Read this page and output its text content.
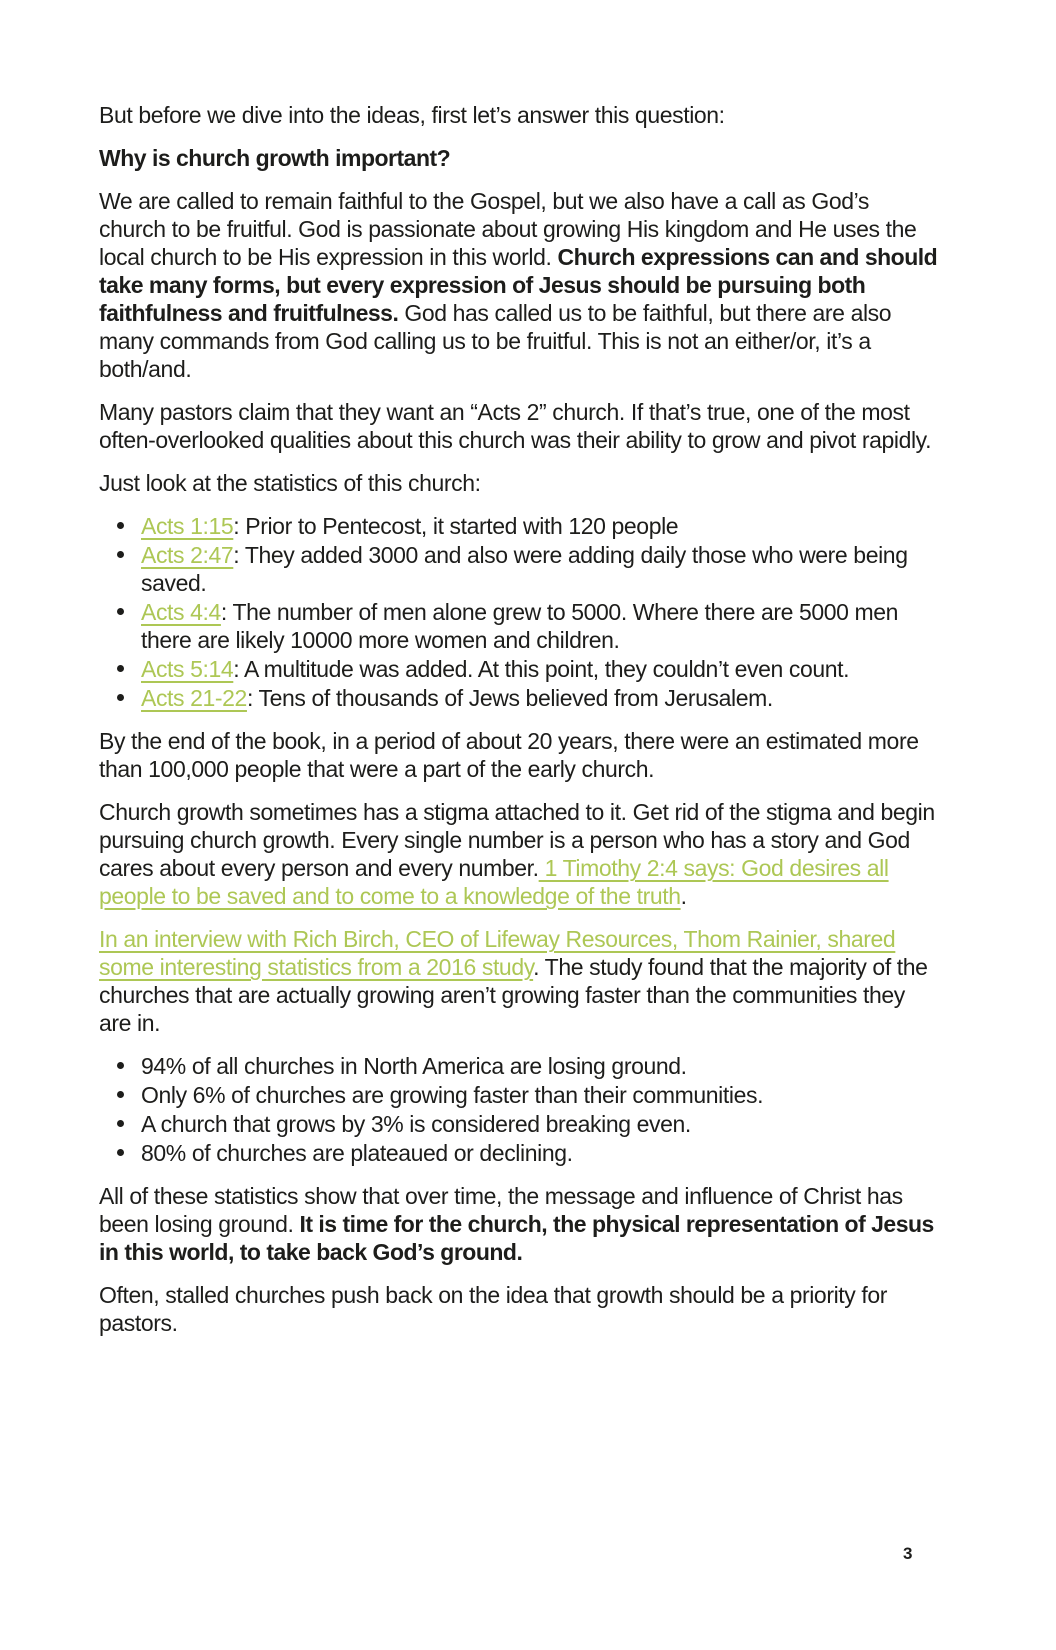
But before we dive into the ideas, first let’s answer this question:

Why is church growth important?

We are called to remain faithful to the Gospel, but we also have a call as God’s church to be fruitful. God is passionate about growing His kingdom and He uses the local church to be His expression in this world. Church expressions can and should take many forms, but every expression of Jesus should be pursuing both faithfulness and fruitfulness. God has called us to be faithful, but there are also many commands from God calling us to be fruitful. This is not an either/or, it’s a both/and.

Many pastors claim that they want an “Acts 2” church. If that’s true, one of the most often-overlooked qualities about this church was their ability to grow and pivot rapidly.

Just look at the statistics of this church:

Acts 1:15: Prior to Pentecost, it started with 120 people
Acts 2:47: They added 3000 and also were adding daily those who were being saved.
Acts 4:4: The number of men alone grew to 5000. Where there are 5000 men there are likely 10000 more women and children.
Acts 5:14: A multitude was added. At this point, they couldn’t even count.
Acts 21-22: Tens of thousands of Jews believed from Jerusalem.

By the end of the book, in a period of about 20 years, there were an estimated more than 100,000 people that were a part of the early church.

Church growth sometimes has a stigma attached to it. Get rid of the stigma and begin pursuing church growth. Every single number is a person who has a story and God cares about every person and every number. 1 Timothy 2:4 says: God desires all people to be saved and to come to a knowledge of the truth.

In an interview with Rich Birch, CEO of Lifeway Resources, Thom Rainier, shared some interesting statistics from a 2016 study. The study found that the majority of the churches that are actually growing aren’t growing faster than the communities they are in.

94% of all churches in North America are losing ground.
Only 6% of churches are growing faster than their communities.
A church that grows by 3% is considered breaking even.
80% of churches are plateaued or declining.

All of these statistics show that over time, the message and influence of Christ has been losing ground. It is time for the church, the physical representation of Jesus in this world, to take back God’s ground.

Often, stalled churches push back on the idea that growth should be a priority for pastors.

3
